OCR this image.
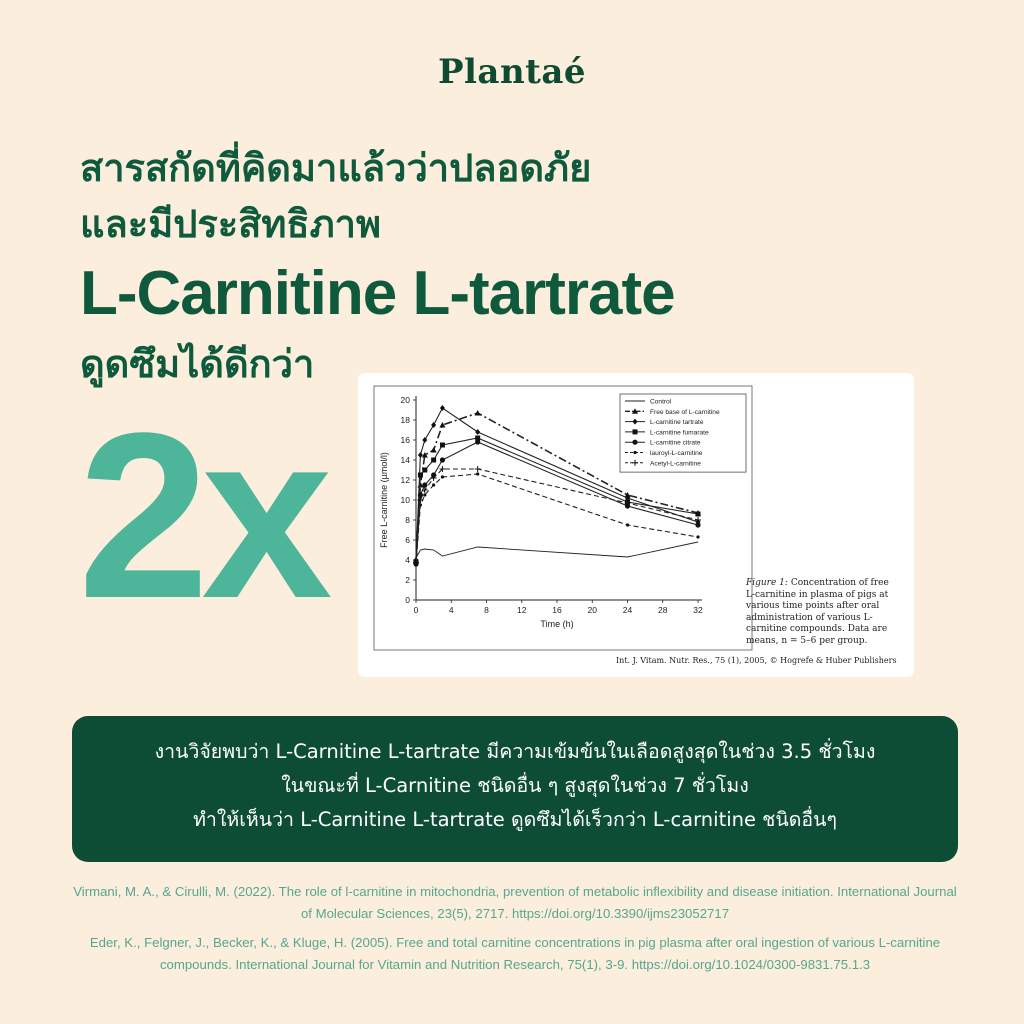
Plantaé
สารสกัดที่คิดมาแล้วว่าปลอดภัย
และมีประสิทธิภาพ
L-Carnitine L-tartrate
ดูดซึมได้ดีกว่า
2x	0
2
4
6
8
10
12
14
16
18
20
0	4	8	12	16	20	24	28	32
Time (h)
Free L-carnitine (µmol/l)
Control
Free base of L-carnitine
L-carnitine tartrate
L-carnitine fumarate
L-carnitine citrate
lauroyl-L-carnitine
Acetyl-L-carnitine
Figure 1: Concentration of free L-carnitine in plasma of pigs at various time points after oral administration of various L-carnitine compounds. Data are means, n = 5–6 per group.
Int. J. Vitam. Nutr. Res., 75 (1), 2005, © Hogrefe & Huber Publishers
งานวิจัยพบว่า L-Carnitine L-tartrate มีความเข้มข้นในเลือดสูงสุดในช่วง 3.5 ชั่วโมง
ในขณะที่ L-Carnitine ชนิดอื่น ๆ สูงสุดในช่วง 7 ชั่วโมง
ทำให้เห็นว่า L-Carnitine L-tartrate ดูดซึมได้เร็วกว่า L-carnitine ชนิดอื่นๆ
Virmani, M. A., & Cirulli, M. (2022). The role of l-carnitine in mitochondria, prevention of metabolic inflexibility and disease initiation. International Journal of Molecular Sciences, 23(5), 2717. https://doi.org/10.3390/ijms23052717
Eder, K., Felgner, J., Becker, K., & Kluge, H. (2005). Free and total carnitine concentrations in pig plasma after oral ingestion of various L-carnitine compounds. International Journal for Vitamin and Nutrition Research, 75(1), 3-9. https://doi.org/10.1024/0300-9831.75.1.3
